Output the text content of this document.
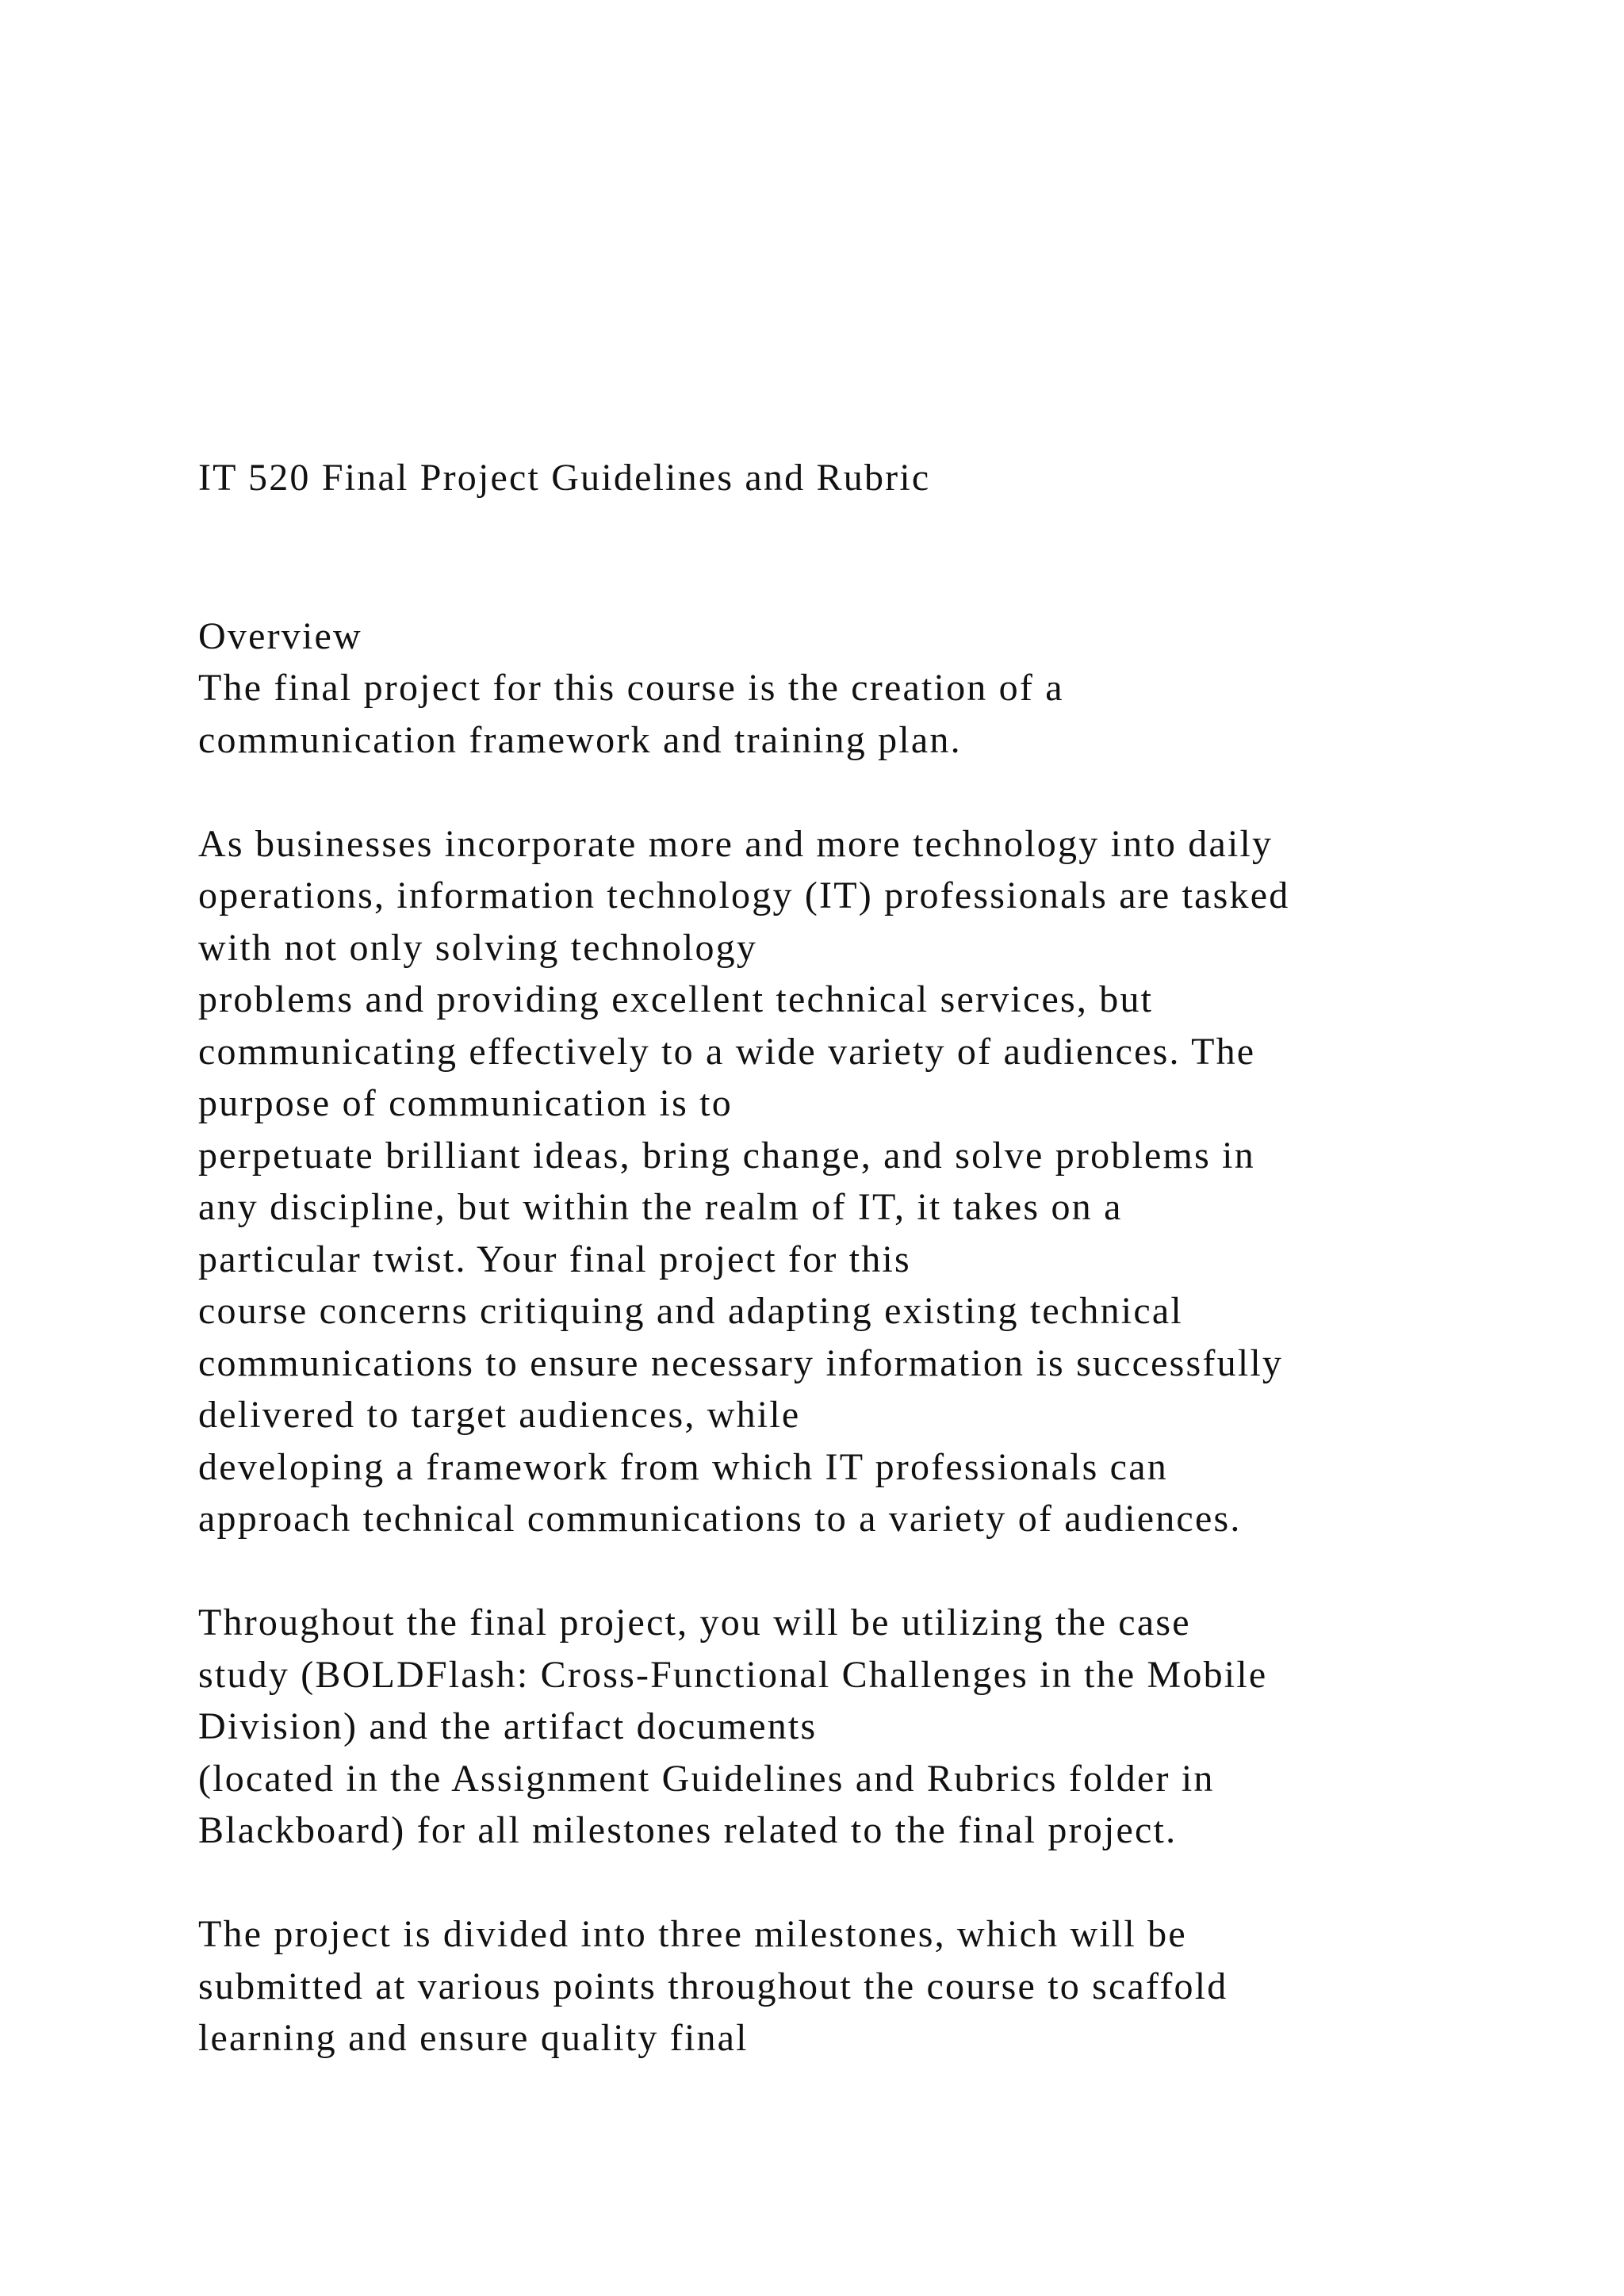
IT 520 Final Project Guidelines and Rubric

Overview

The final project for this course is the creation of a

communication framework and training plan.

As businesses incorporate more and more technology into daily

operations, information technology (IT) professionals are tasked

with not only solving technology

problems and providing excellent technical services, but

communicating effectively to a wide variety of audiences. The

purpose of communication is to

perpetuate brilliant ideas, bring change, and solve problems in

any discipline, but within the realm of IT, it takes on a

particular twist. Your final project for this

course concerns critiquing and adapting existing technical

communications to ensure necessary information is successfully

delivered to target audiences, while

developing a framework from which IT professionals can

approach technical communications to a variety of audiences.

Throughout the final project, you will be utilizing the case

study (BOLDFlash: Cross-Functional Challenges in the Mobile

Division) and the artifact documents

(located in the Assignment Guidelines and Rubrics folder in

Blackboard) for all milestones related to the final project.

The project is divided into three milestones, which will be

submitted at various points throughout the course to scaffold

learning and ensure quality final
